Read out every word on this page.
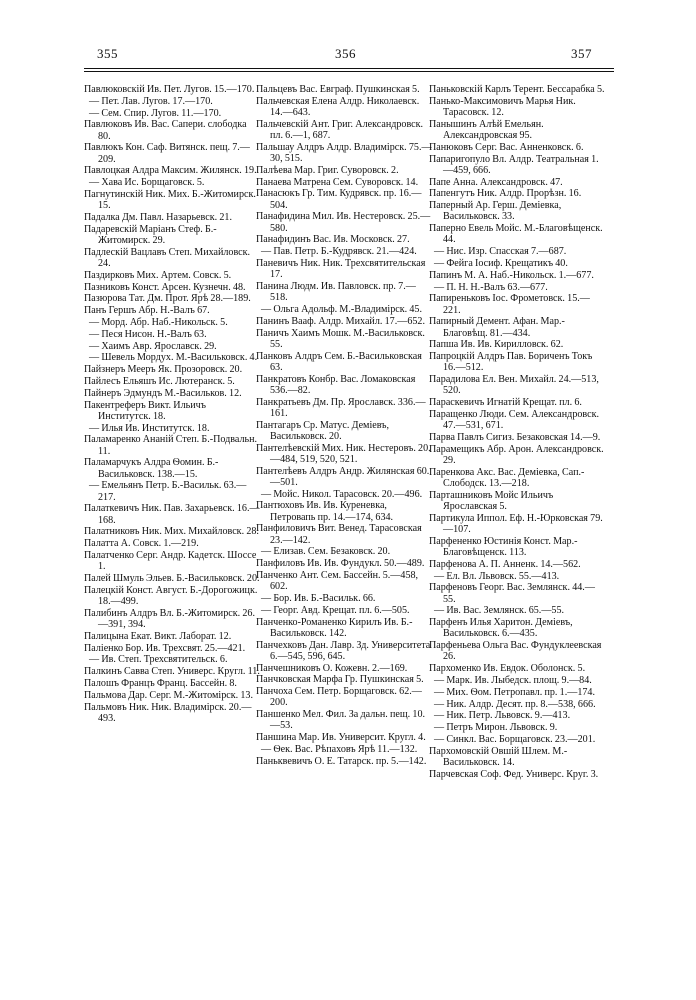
355	356	357
Павлюковскій Ив. Пет. Лугов. 15.—170.
— Пет. Лав. Лугов. 17.—170.
— Сем. Спир. Лугов. 11.—170.
Павлюковъ Ив. Вас. Сапери. слободка 80.
Павлюкъ Кон. Саф. Витянск. пещ. 7.—209.
Павлоцкая Алдра Максим. Жилянск. 19.
— Хава Ис. Борщаговск. 5.
Пагнутинскій Ник. Мих. Б.-Житомирск. 15.
Падалка Дм. Павл. Назарьевск. 21.
Падаревскій Маріанъ Стеф. Б.-Житомирск. 29.
Падлескій Вацлавъ Степ. Михайловск. 24.
Паздирковъ Мих. Артем. Совск. 5.
Пазниковъ Конст. Арсен. Кузнечн. 48.
Пазюрова Тат. Дм. Прот. Ярѣ 28.—189.
Панъ Гершъ Абр. Н.-Валъ 67.
— Морд. Абр. Наб.-Никольск. 5.
— Песя Нисон. Н.-Валъ 63.
— Хаимъ Авр. Ярославск. 29.
— Шевель Мордух. М.-Васильковск. 4.
Пайзнеръ Мееръ Як. Прозоровск. 20.
Пайлесъ Ельяшъ Ис. Лютеранск. 5.
Пайнеръ Эдмундъ М.-Васильков. 12.
Пакентреферъ Викт. Ильичъ Институтск. 18.
— Илья Ив. Институтск. 18.
Паламаренко Ананій Степ. Б.-Подвальн. 11.
Паламарчукъ Алдра Ѳомин. Б.-Васильковск. 138.—15.
— Емельянъ Петр. Б.-Васильк. 63.—217.
Палаткевичъ Ник. Пав. Захарьевск. 16.—168.
Палатниковъ Ник. Мих. Михайловск. 28.
Палатта А. Совск. 1.—219.
Палатченко Серг. Андр. Кадетск. Шоссе 1.
Палей Шмуль Эльев. Б.-Васильковск. 20.
Палецкій Конст. Август. Б.-Дорогожицк. 18.—499.
Палибинъ Алдръ Вл. Б.-Житомирск. 26.—391, 394.
Палицына Екат. Викт. Лаборат. 12.
Палiенко Бор. Ив. Трехсвят. 25.—421.
— Ив. Степ. Трехсвятительск. 6.
Палкинъ Савва Степ. Универс. Кругл. 11.
Палошъ Францъ Франц. Бассейн. 8.
Пальмова Дар. Серг. М.-Житомірск. 13.
Пальмовъ Ник. Ник. Владимірск. 20.—493.
Пальцевъ Вас. Евграф. Пушкинская 5.
Пальчевская Елена Алдр. Николаевск. 14.—643.
Пальчевскій Ант. Григ. Александровск. пл. 6.—1, 687.
Пальшау Алдръ Алдр. Владимірск. 75.—30, 515.
Палѣева Мар. Григ. Суворовск. 2.
Панаева Матрена Сем. Суворовск. 14.
Панасюкъ Гр. Тим. Кудрявск. пр. 16.—504.
Панафидина Мил. Ив. Нестеровск. 25.—580.
Панафидинъ Вас. Ив. Московск. 27.
— Пав. Петр. Б.-Кудрявск. 21.—424.
Паневичъ Ник. Ник. Трехсвятительская 17.
Панина Людм. Ив. Павловск. пр. 7.—518.
— Ольга Адольф. М.-Владимірск. 45.
Панинъ Вааф. Алдр. Михайл. 17.—652.
Паничъ Хаимъ Мошк. М.-Васильковск. 55.
Панковъ Алдръ Сем. Б.-Васильковская 63.
Панкратовъ Конбр. Вас. Ломаковская 536.—82.
Панкратьевъ Дм. Пр. Ярославск. 336.—161.
Пантагаръ Ср. Матус. Деміевъ, Васильковск. 20.
Пантелѣевскій Мих. Ник. Нестеровъ. 20.—484, 519, 520, 521.
Пантелѣевъ Алдръ Андр. Жилянская 60.—501.
— Мойс. Никол. Тарасовск. 20.—496.
Пантюховъ Ив. Ив. Куреневка, Петровапь пр. 14.—174, 634.
Панфиловичъ Вит. Венед. Тарасовская 23.—142.
— Елизав. Сем. Безаковск. 20.
Панфиловъ Ив. Ив. Фундукл. 50.—489.
Панченко Ант. Сем. Бассейн. 5.—458, 602.
— Бор. Ив. Б.-Васильк. 66.
— Георг. Авд. Крещат. пл. 6.—505.
Панченко-Романенко Кирилъ Ив. Б.-Васильковск. 142.
Панчехковъ Дан. Лавр. Зд. Университета 6.—545, 596, 645.
Панчешниковъ О. Кожевн. 2.—169.
Панчковская Марфа Гр. Пушкинская 5.
Панчоха Сем. Петр. Борщаговск. 62.—200.
Паншенко Мел. Фил. За дальн. пещ. 10.—53.
Паншина Мар. Ив. Университ. Кругл. 4.
— Ѳек. Вас. Рѣпаховъ Ярѣ 11.—132.
Паньквевичъ О. Е. Татарск. пр. 5.—142.
Паньковскій Карлъ Терент. Бессарабка 5.
Панько-Максимовичъ Марья Ник. Тарасовск. 12.
Панышинъ Алѣй Емельян. Александровская 95.
Панюковъ Серг. Вас. Анненковск. 6.
Папаригопуло Вл. Алдр. Театральная 1.—459, 666.
Папе Анна. Александровск. 47.
Папенгутъ Ник. Алдр. Прорѣзн. 16.
Паперный Ар. Герш. Деміевка, Васильковск. 33.
Паперно Евель Мойс. М.-Благовѣщенск. 44.
— Нис. Изр. Спасская 7.—687.
— Фейга Іосиф. Крещатикъ 40.
Папинъ М. А. Наб.-Никольск. 1.—677.
— П. Н. Н.-Валъ 63.—677.
Папиреньковъ Іос. Фрометовск. 15.—221.
Папирный Демент. Афан. Мар.-Благовѣщ. 81.—434.
Папша Ив. Ив. Кирилловск. 62.
Папроцкій Алдръ Пав. Бориченъ Токъ 16.—512.
Парадилова Ел. Вен. Михайл. 24.—513, 520.
Параскевичъ Игнатій Крещат. пл. 6.
Паращенко Люди. Сем. Александровск. 47.—531, 671.
Парва Павлъ Сигиз. Безаковская 14.—9.
Парамещикъ Абр. Арон. Александровск. 29.
Паренкова Акс. Вас. Деміевка, Сап.-Слободск. 13.—218.
Парташниковъ Мойс Ильичъ Ярославская 5.
Партикула Иппол. Еф. Н.-Юрковская 79.—107.
Парфененко Юстинія Конст. Мар.-Благовѣщенск. 113.
Парфенова А. П. Анненк. 14.—562.
— Ел. Вл. Львовск. 55.—413.
Парфеновъ Георг. Вас. Землянск. 44.—55.
— Ив. Вас. Землянск. 65.—55.
Парфенъ Илья Харитон. Деміевъ, Васильковск. 6.—435.
Парфеньева Ольга Вас. Фундуклеевская 26.
Пархоменко Ив. Евдок. Оболонск. 5.
— Марк. Ив. Лыбедск. площ. 9.—84.
— Мих. Ѳом. Петропавл. пр. 1.—174.
— Ник. Алдр. Десят. пр. 8.—538, 666.
— Ник. Петр. Львовск. 9.—413.
— Петръ Мирон. Львовск. 9.
— Синкл. Вас. Борщаговск. 23.—201.
Пархомовскій Овшій Шлем. М.-Васильковск. 14.
Парчевская Соф. Фед. Универс. Круг. 3.
